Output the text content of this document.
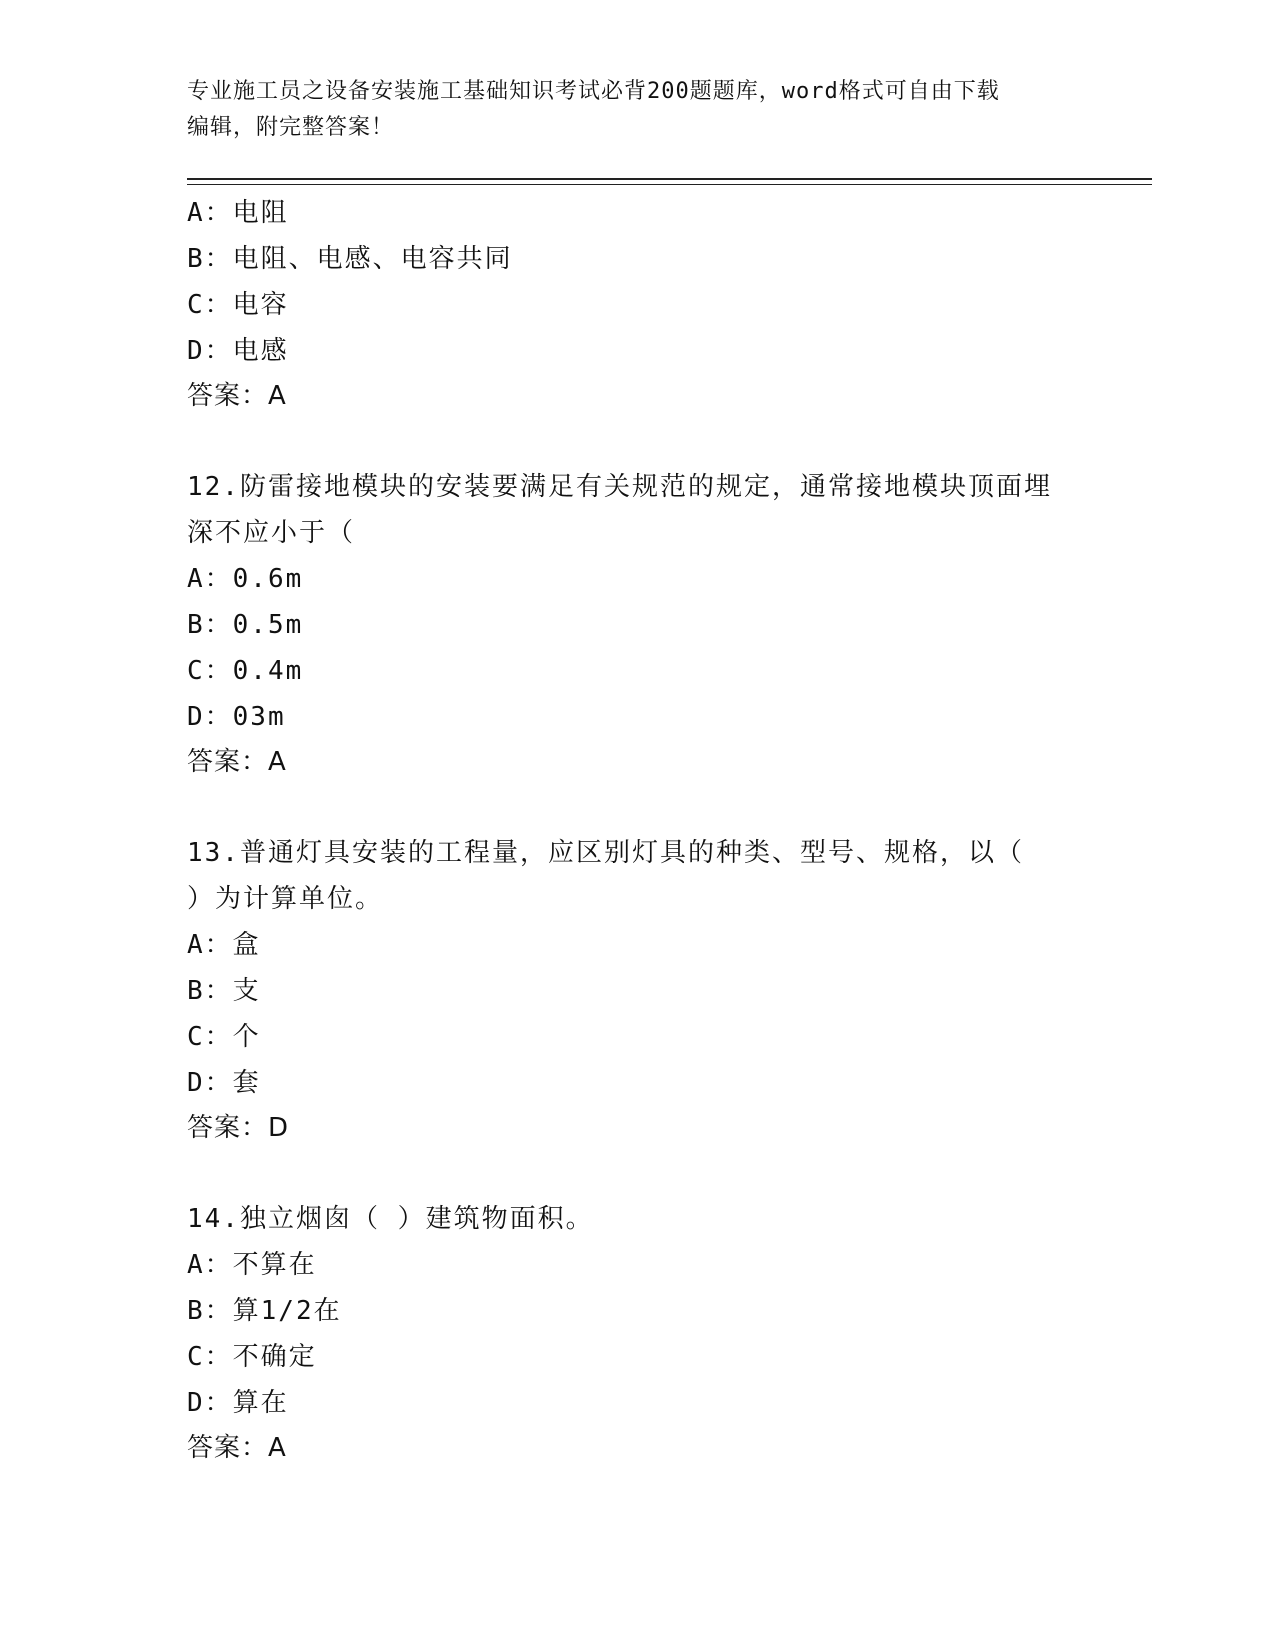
专业施工员之设备安装施工基础知识考试必背200题题库，word格式可自由下载
编辑，附完整答案！
A：电阻
B：电阻、电感、电容共同
C：电容
D：电感
答案：A
12.防雷接地模块的安装要满足有关规范的规定，通常接地模块顶面埋
深不应小于（
A：0.6m
B：0.5m
C：0.4m
D：03m
答案：A
13.普通灯具安装的工程量，应区别灯具的种类、型号、规格，以（
）为计算单位。
A：盒
B：支
C：个
D：套
答案：D
14.独立烟囱（ ）建筑物面积。
A：不算在
B：算1/2在
C：不确定
D：算在
答案：A
